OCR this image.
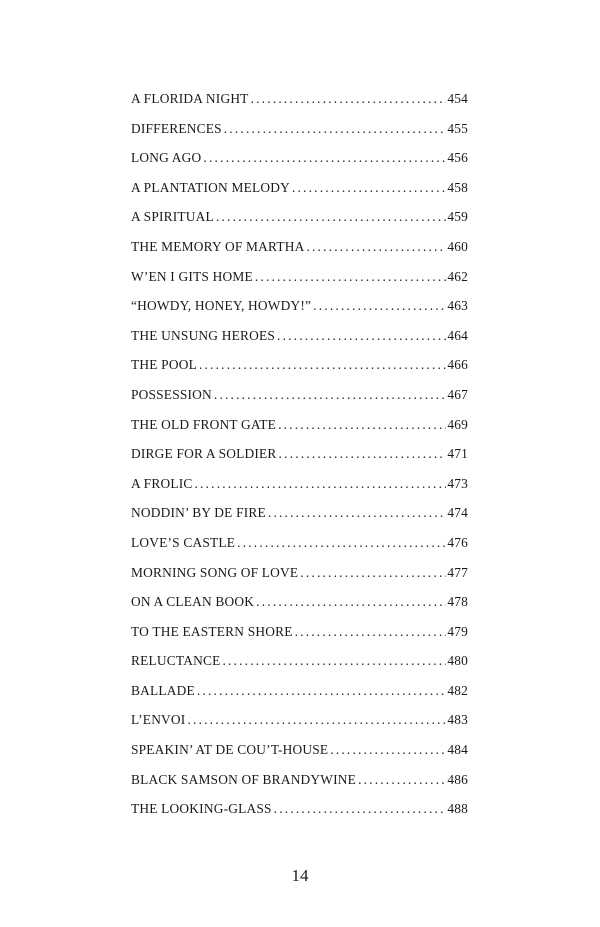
A FLORIDA NIGHT .....	454
DIFFERENCES .....	455
LONG AGO .....	456
A PLANTATION MELODY .....	458
A SPIRITUAL .....	459
THE MEMORY OF MARTHA .....	460
W’EN I GITS HOME .....	462
“HOWDY, HONEY, HOWDY!” .....	463
THE UNSUNG HEROES .....	464
THE POOL .....	466
POSSESSION .....	467
THE OLD FRONT GATE .....	469
DIRGE FOR A SOLDIER .....	471
A FROLIC .....	473
NODDIN’ BY DE FIRE .....	474
LOVE’S CASTLE .....	476
MORNING SONG OF LOVE .....	477
ON A CLEAN BOOK .....	478
TO THE EASTERN SHORE .....	479
RELUCTANCE .....	480
BALLADE .....	482
L’ENVOI .....	483
SPEAKIN’ AT DE COU’T-HOUSE .....	484
BLACK SAMSON OF BRANDYWINE .....	486
THE LOOKING-GLASS .....	488
14
